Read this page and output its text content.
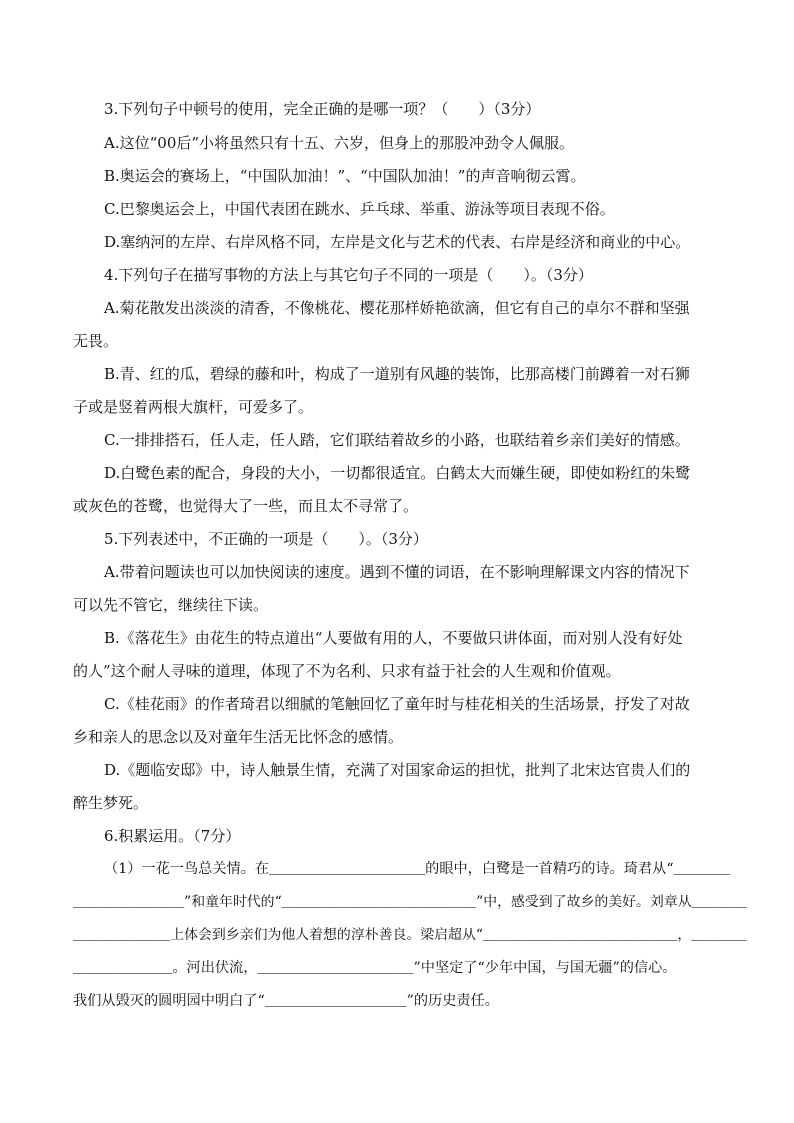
3.下列句子中顿号的使用，完全正确的是哪一项？（　　）（3分）
A.这位“00后”小将虽然只有十五、六岁，但身上的那股冲劲令人佩服。
B.奥运会的赛场上，“中国队加油！”、“中国队加油！”的声音响彻云霄。
C.巴黎奥运会上，中国代表团在跳水、乒乓球、举重、游泳等项目表现不俗。
D.塞纳河的左岸、右岸风格不同，左岸是文化与艺术的代表、右岸是经济和商业的中心。
4.下列句子在描写事物的方法上与其它句子不同的一项是（　　）。（3分）
A.菊花散发出淡淡的清香，不像桃花、樱花那样娇艳欲滴，但它有自己的卓尔不群和坚强
无畏。
B.青、红的瓜，碧绿的藤和叶，构成了一道别有风趣的装饰，比那高楼门前蹲着一对石狮
子或是竖着两根大旗杆，可爱多了。
C.一排排搭石，任人走，任人踏，它们联结着故乡的小路，也联结着乡亲们美好的情感。
D.白鹭色素的配合，身段的大小，一切都很适宜。白鹤太大而嫌生硬，即使如粉红的朱鹭
或灰色的苍鹭，也觉得大了一些，而且太不寻常了。
5.下列表述中，不正确的一项是（　　）。（3分）
A.带着问题读也可以加快阅读的速度。遇到不懂的词语，在不影响理解课文内容的情况下
可以先不管它，继续往下读。
B.《落花生》由花生的特点道出“人要做有用的人，不要做只讲体面，而对别人没有好处
的人”这个耐人寻味的道理，体现了不为名利、只求有益于社会的人生观和价值观。
C.《桂花雨》的作者琦君以细腻的笔触回忆了童年时与桂花相关的生活场景，抒发了对故
乡和亲人的思念以及对童年生活无比怀念的感情。
D.《题临安邸》中，诗人触景生情，充满了对国家命运的担忧，批判了北宋达官贵人们的
醉生梦死。
6.积累运用。（7分）
（1）一花一鸟总关情。在＿＿＿＿＿＿＿＿＿＿＿的眼中，白鹭是一首精巧的诗。琦君从“＿＿＿＿
＿＿＿＿＿＿＿＿”和童年时代的“＿＿＿＿＿＿＿＿＿＿＿＿＿＿”中，感受到了故乡的美好。刘章从＿＿＿＿
＿＿＿＿＿＿＿上体会到乡亲们为他人着想的淳朴善良。梁启超从“＿＿＿＿＿＿＿＿＿＿＿＿＿＿，＿＿＿＿
＿＿＿＿＿＿＿。河出伏流，＿＿＿＿＿＿＿＿＿＿＿”中坚定了“少年中国，与国无疆”的信心。
我们从毁灭的圆明园中明白了“＿＿＿＿＿＿＿＿＿＿”的历史责任。
